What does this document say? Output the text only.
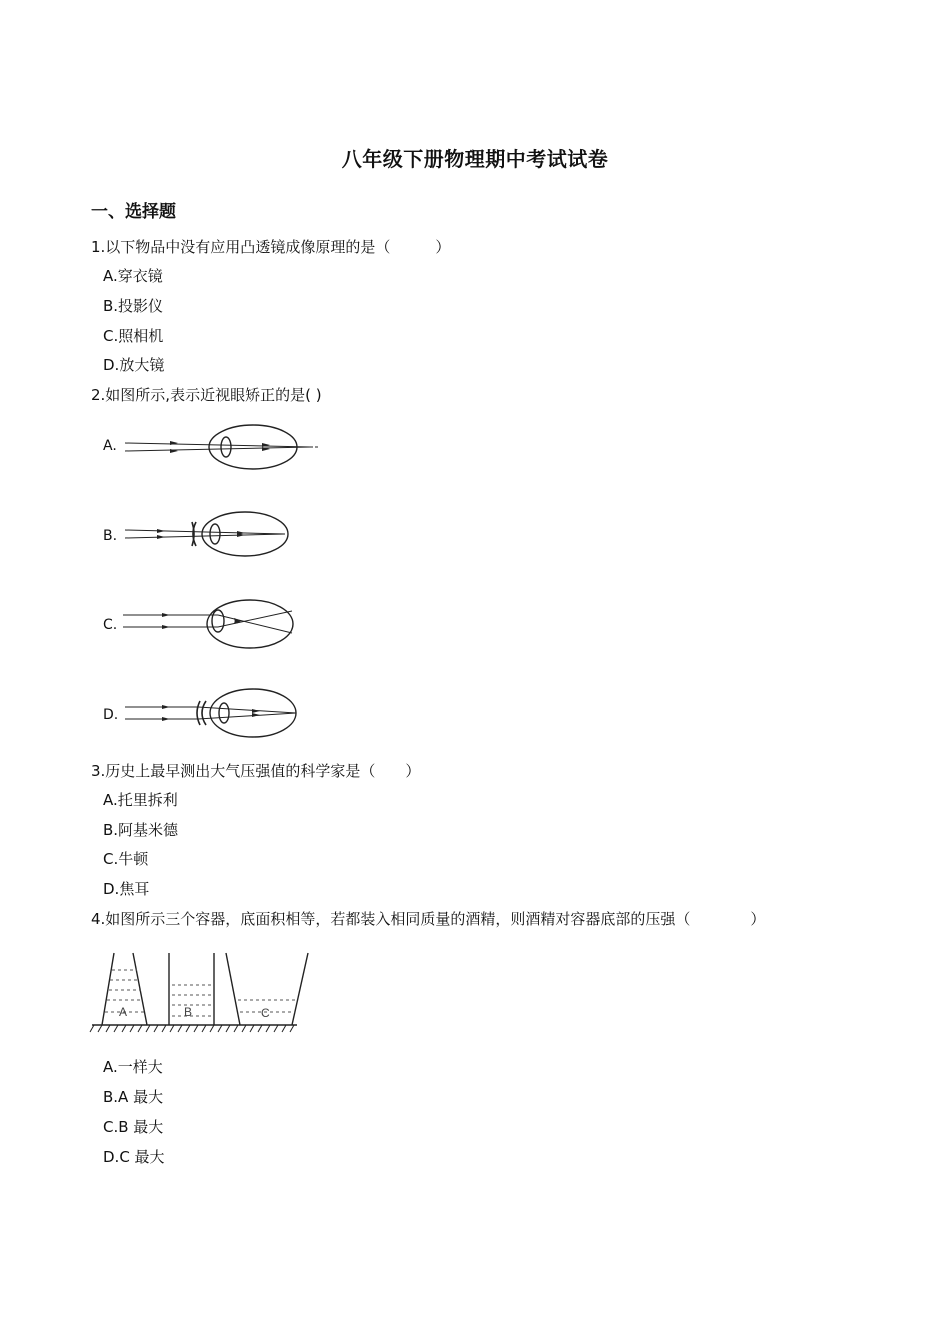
八年级下册物理期中考试试卷
一、选择题
1.以下物品中没有应用凸透镜成像原理的是（　　　）
A.穿衣镜
B.投影仪
C.照相机
D.放大镜
2.如图所示,表示近视眼矫正的是( )
A.
B.
C.
D.
3.历史上最早测出大气压强值的科学家是（　　）
A.托里拆利
B.阿基米德
C.牛顿
D.焦耳
4.如图所示三个容器，底面积相等，若都装入相同质量的酒精，则酒精对容器底部的压强（　　　　）
A	B	C
A.一样大
B.A 最大
C.B 最大
D.C 最大
